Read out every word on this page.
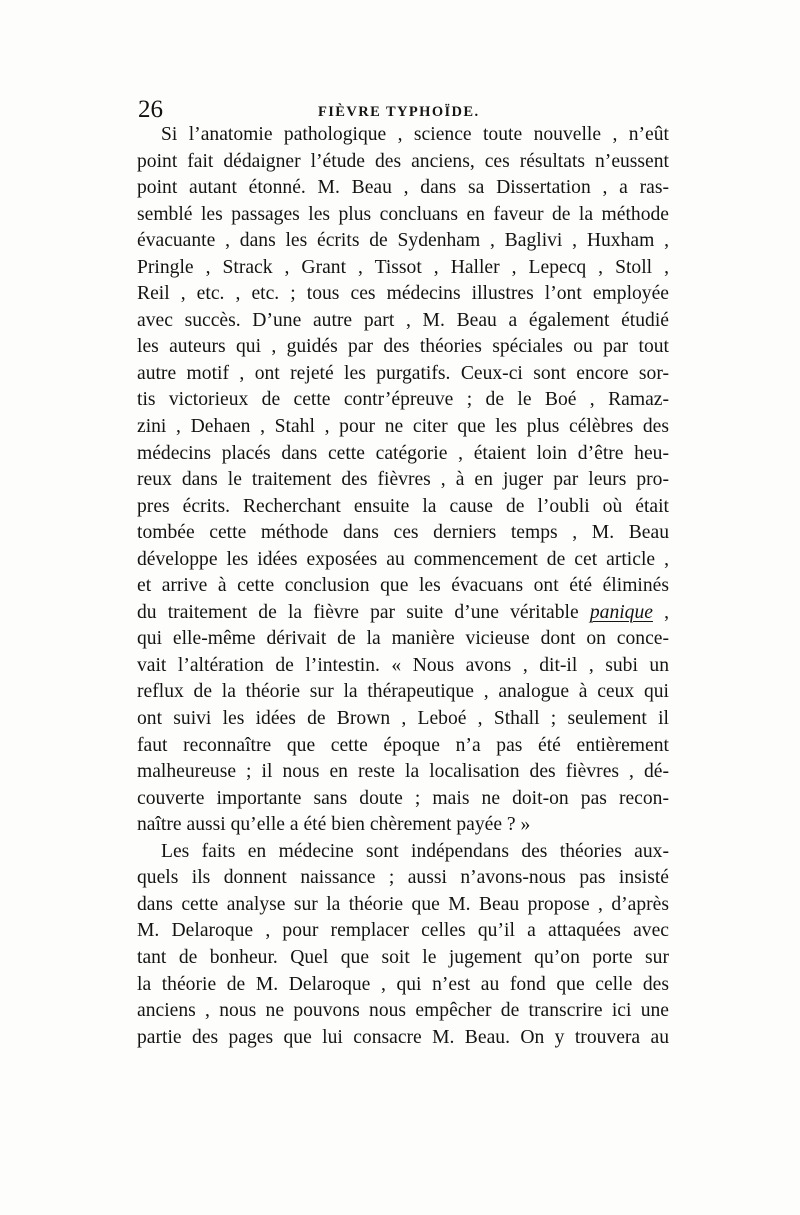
26	FIÈVRE TYPHOÏDE.
Si l’anatomie pathologique , science toute nouvelle , n’eût
point fait dédaigner l’étude des anciens, ces résultats n’eussent
point autant étonné. M. Beau , dans sa Dissertation , a ras-
semblé les passages les plus concluans en faveur de la méthode
évacuante , dans les écrits de Sydenham , Baglivi , Huxham ,
Pringle , Strack , Grant , Tissot , Haller , Lepecq , Stoll ,
Reil , etc. , etc. ; tous ces médecins illustres l’ont employée
avec succès. D’une autre part , M. Beau a également étudié
les auteurs qui , guidés par des théories spéciales ou par tout
autre motif , ont rejeté les purgatifs. Ceux-ci sont encore sor-
tis victorieux de cette contr’épreuve ; de le Boé , Ramaz-
zini , Dehaen , Stahl , pour ne citer que les plus célèbres des
médecins placés dans cette catégorie , étaient loin d’être heu-
reux dans le traitement des fièvres , à en juger par leurs pro-
pres écrits. Recherchant ensuite la cause de l’oubli où était
tombée cette méthode dans ces derniers temps , M. Beau
développe les idées exposées au commencement de cet article ,
et arrive à cette conclusion que les évacuans ont été éliminés
du traitement de la fièvre par suite d’une véritable panique ,
qui elle-même dérivait de la manière vicieuse dont on conce-
vait l’altération de l’intestin. « Nous avons , dit-il , subi un
reflux de la théorie sur la thérapeutique , analogue à ceux qui
ont suivi les idées de Brown , Leboé , Sthall ; seulement il
faut reconnaître que cette époque n’a pas été entièrement
malheureuse ; il nous en reste la localisation des fièvres , dé-
couverte importante sans doute ; mais ne doit-on pas recon-
naître aussi qu’elle a été bien chèrement payée ? »
Les faits en médecine sont indépendans des théories aux-
quels ils donnent naissance ; aussi n’avons-nous pas insisté
dans cette analyse sur la théorie que M. Beau propose , d’après
M. Delaroque , pour remplacer celles qu’il a attaquées avec
tant de bonheur. Quel que soit le jugement qu’on porte sur
la théorie de M. Delaroque , qui n’est au fond que celle des
anciens , nous ne pouvons nous empêcher de transcrire ici une
partie des pages que lui consacre M. Beau. On y trouvera au
